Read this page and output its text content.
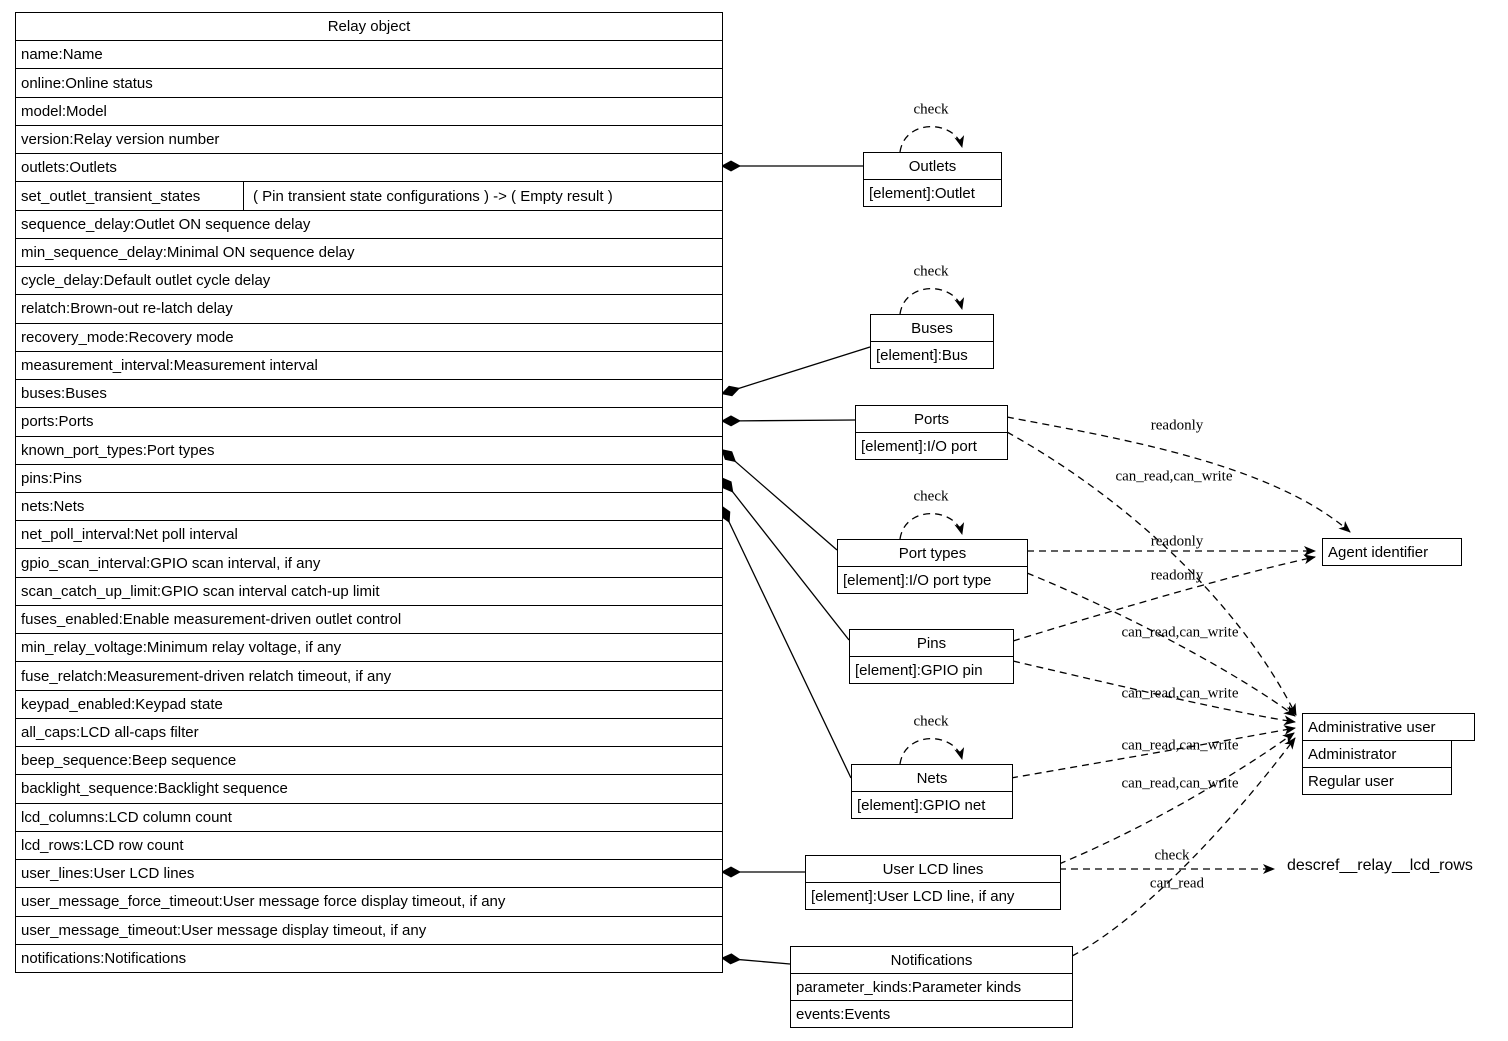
Relay object
name:Name
online:Online status
model:Model
version:Relay version number
outlets:Outlets
set_outlet_transient_states	( Pin transient state configurations ) -> ( Empty result )
sequence_delay:Outlet ON sequence delay
min_sequence_delay:Minimal ON sequence delay
cycle_delay:Default outlet cycle delay
relatch:Brown-out re-latch delay
recovery_mode:Recovery mode
measurement_interval:Measurement interval
buses:Buses
ports:Ports
known_port_types:Port types
pins:Pins
nets:Nets
net_poll_interval:Net poll interval
gpio_scan_interval:GPIO scan interval, if any
scan_catch_up_limit:GPIO scan interval catch-up limit
fuses_enabled:Enable measurement-driven outlet control
min_relay_voltage:Minimum relay voltage, if any
fuse_relatch:Measurement-driven relatch timeout, if any
keypad_enabled:Keypad state
all_caps:LCD all-caps filter
beep_sequence:Beep sequence
backlight_sequence:Backlight sequence
lcd_columns:LCD column count
lcd_rows:LCD row count
user_lines:User LCD lines
user_message_force_timeout:User message force display timeout, if any
user_message_timeout:User message display timeout, if any
notifications:Notifications
Outlets
[element]:Outlet
Buses
[element]:Bus
Ports
[element]:I/O port
Port types
[element]:I/O port type
Pins
[element]:GPIO pin
Nets
[element]:GPIO net
User LCD lines
[element]:User LCD line, if any
Notifications
parameter_kinds:Parameter kinds
events:Events
Agent identifier
Administrative user
Administrator
Regular user
descref__relay__lcd_rows
check
check
check
check
readonly
can_read,can_write
readonly
readonly
can_read,can_write
can_read,can_write
can_read,can_write
can_read,can_write
check
can_read
